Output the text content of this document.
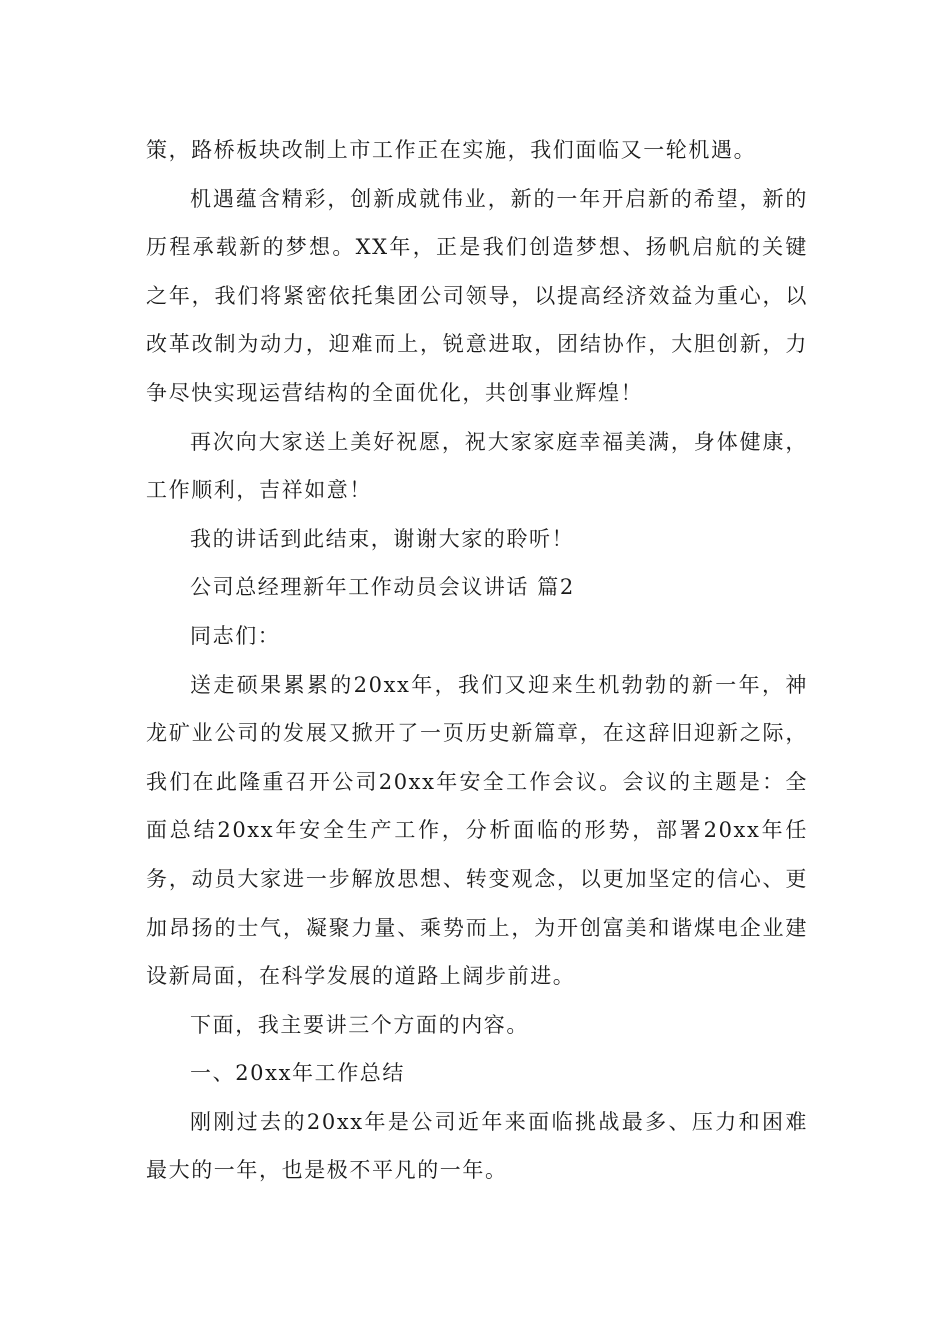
策，路桥板块改制上市工作正在实施，我们面临又一轮机遇。

机遇蕴含精彩，创新成就伟业，新的一年开启新的希望，新的历程承载新的梦想。XX年，正是我们创造梦想、扬帆启航的关键之年，我们将紧密依托集团公司领导，以提高经济效益为重心，以改革改制为动力，迎难而上，锐意进取，团结协作，大胆创新，力争尽快实现运营结构的全面优化，共创事业辉煌！

再次向大家送上美好祝愿，祝大家家庭幸福美满，身体健康，工作顺利，吉祥如意！

我的讲话到此结束，谢谢大家的聆听！

公司总经理新年工作动员会议讲话 篇2

同志们：

送走硕果累累的20xx年，我们又迎来生机勃勃的新一年，神龙矿业公司的发展又掀开了一页历史新篇章，在这辞旧迎新之际，我们在此隆重召开公司20xx年安全工作会议。会议的主题是：全面总结20xx年安全生产工作，分析面临的形势，部署20xx年任务，动员大家进一步解放思想、转变观念，以更加坚定的信心、更加昂扬的士气，凝聚力量、乘势而上，为开创富美和谐煤电企业建设新局面，在科学发展的道路上阔步前进。

下面，我主要讲三个方面的内容。

一、20xx年工作总结

刚刚过去的20xx年是公司近年来面临挑战最多、压力和困难最大的一年，也是极不平凡的一年。
